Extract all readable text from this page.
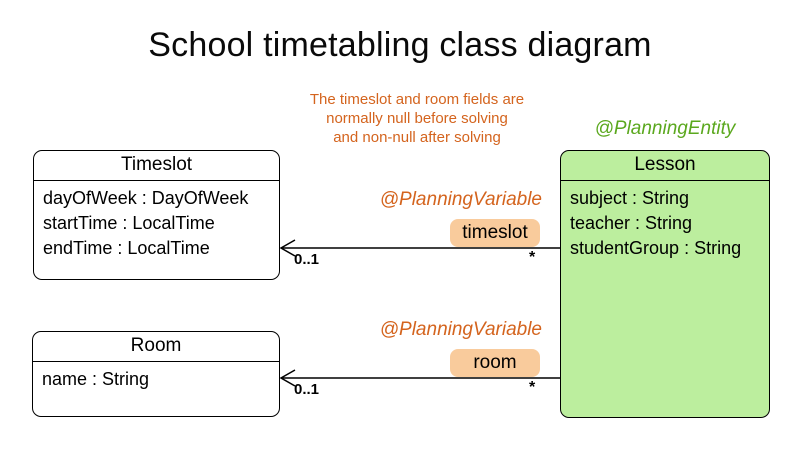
School timetabling class diagram
The timeslot and room fields are
normally null before solving
and non-null after solving	@PlanningEntity
@PlanningVariable
@PlanningVariable
Timeslot
dayOfWeek : DayOfWeek
startTime : LocalTime
endTime : LocalTime
Room
name : String
Lesson
subject : String
teacher : String
studentGroup : String
timeslot
room
0..1	*
0..1	*
